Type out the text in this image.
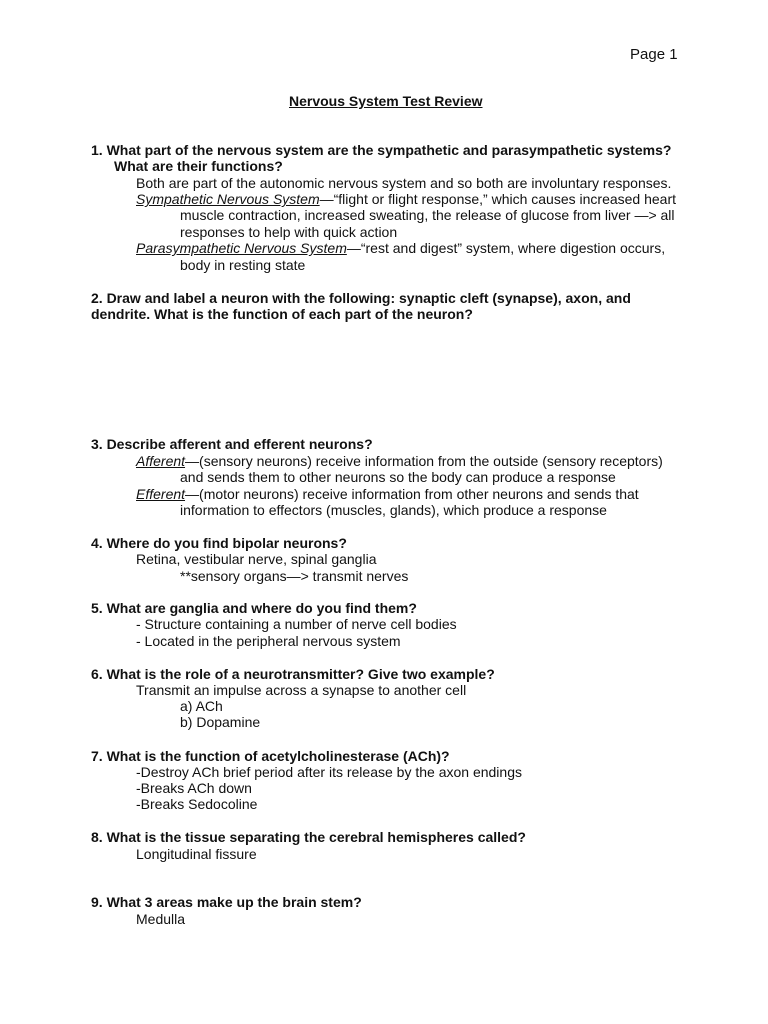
Page 1
Nervous System Test Review
1. What part of the nervous system are the sympathetic and parasympathetic systems?
What are their functions?
Both are part of the autonomic nervous system and so both are involuntary responses.
Sympathetic Nervous System—“flight or flight response,” which causes increased heart
muscle contraction, increased sweating, the release of glucose from liver —> all
responses to help with quick action
Parasympathetic Nervous System—“rest and digest” system, where digestion occurs,
body in resting state
2. Draw and label a neuron with the following: synaptic cleft (synapse), axon, and
dendrite. What is the function of each part of the neuron?
3. Describe afferent and efferent neurons?
Afferent—(sensory neurons) receive information from the outside (sensory receptors)
and sends them to other neurons so the body can produce a response
Efferent—(motor neurons) receive information from other neurons and sends that
information to effectors (muscles, glands), which produce a response
4. Where do you find bipolar neurons?
Retina, vestibular nerve, spinal ganglia
**sensory organs—> transmit nerves
5. What are ganglia and where do you find them?
- Structure containing a number of nerve cell bodies
- Located in the peripheral nervous system
6. What is the role of a neurotransmitter? Give two example?
Transmit an impulse across a synapse to another cell
a) ACh
b) Dopamine
7. What is the function of acetylcholinesterase (ACh)?
-Destroy ACh brief period after its release by the axon endings
-Breaks ACh down
-Breaks Sedocoline
8. What is the tissue separating the cerebral hemispheres called?
Longitudinal fissure
9. What 3 areas make up the brain stem?
Medulla
